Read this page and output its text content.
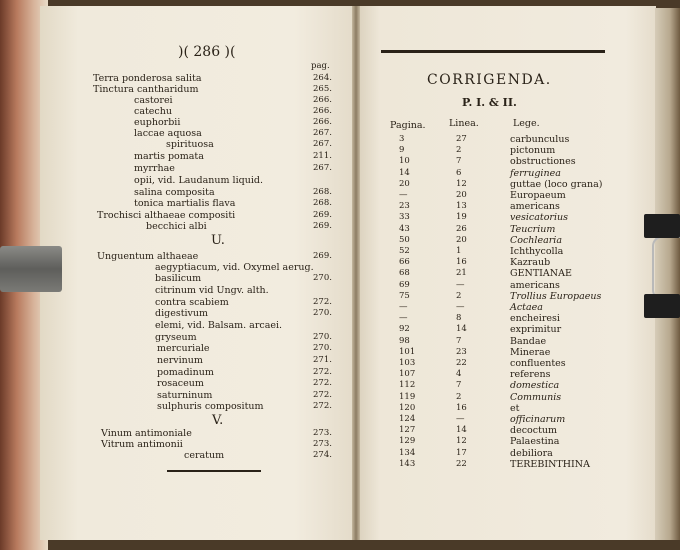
)( 286 )(
pag.
Terra ponderosa salita	264.
Tinctura cantharidum	265.
castorei	266.
catechu	266.
euphorbii	266.
laccae aquosa	267.
spirituosa	267.
martis pomata	211.
myrrhae	267.
opii, vid. Laudanum liquid.
salina composita	268.
tonica martialis flava	268.
Trochisci althaeae compositi	269.
becchici albi	269.
U.
Unguentum althaeae	269.
aegyptiacum, vid. Oxymel aerug.
basilicum	270.
citrinum vid Ungv. alth.
contra scabiem	272.
digestivum	270.
elemi, vid. Balsam. arcaei.
gryseum	270.
mercuriale	270.
nervinum	271.
pomadinum	272.
rosaceum	272.
saturninum	272.
sulphuris compositum	272.
V.
Vinum antimoniale	273.
Vitrum antimonii	273.
ceratum	274.
CORRIGENDA.
P. I. & II.
Pagina. Linea.	Lege.
3	27	carbunculus
9	2	pictonum
10	7	obstructiones
14	6	ferruginea
20	12	guttae (loco grana)
—	20	Europaeum
23	13	americans
33	19	vesicatorius
43	26	Teucrium
50	20	Cochlearia
52	1	Ichthycolla
66	16	Kazraub
68	21	GENTIANAE
69	—	americans
75	2	Trollius Europaeus
—	—	Actaea
—	8	encheiresi
92	14	exprimitur
98	7	Bandae
101	23	Minerae
103	22	confluentes
107	4	referens
112	7	domestica
119	2	Communis
120	16	et
124	—	officinarum
127	14	decoctum
129	12	Palaestina
134	17	debiliora
143	22	TEREBINTHINA
